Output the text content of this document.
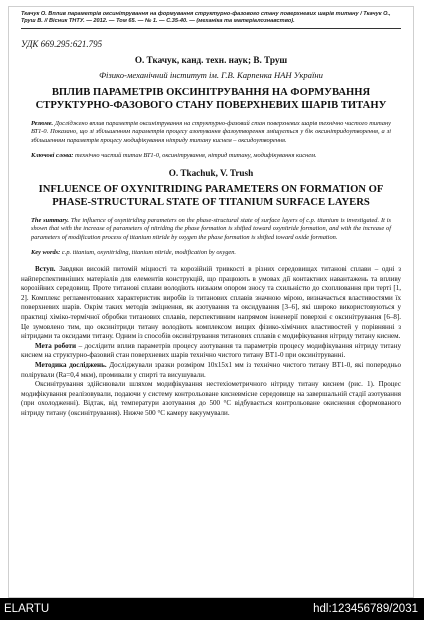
Ткачук О. Вплив параметрів оксинітрування на формування структурно-фазового стану поверхневих шарів титану / Ткачук О., Труш В. // Вісник ТНТУ. — 2012. — Том 65. — № 1. — С.35-40. — (механіка та матеріалознавство).
УДК 669.295:621.795
О. Ткачук, канд. техн. наук; В. Труш
Фізико-механічний інститут ім. Г.В. Карпенка НАН України
ВПЛИВ ПАРАМЕТРІВ ОКСИНІТРУВАННЯ НА ФОРМУВАННЯ СТРУКТУРНО-ФАЗОВОГО СТАНУ ПОВЕРХНЕВИХ ШАРІВ ТИТАНУ

Резюме. Досліджено вплив параметрів оксинітрування на структурно-фазовий стан поверхневих шарів технічно чистого титану ВТ1-0. Показано, що зі збільшенням параметрів процесу азотування фазоутворення зміщується у бік оксинітридоутворення, а зі збільшенням параметрів процесу модифікування нітриду титану киснем – оксидоутворення.

Ключові слова: технічно чистий титан ВТ1-0, оксинітрування, нітрид титану, модифікування киснем.

O. Tkachuk, V. Trush
INFLUENCE OF OXYNITRIDING PARAMETERS ON FORMATION OF PHASE-STRUCTURAL STATE OF TITANIUM SURFACE LAYERS

The summary. The influence of oxynitriding parameters on the phase-structural state of surface layers of c.p. titanium is investigated. It is shown that with the increase of parameters of nitriding the phase formation is shifted toward oxynitride formation, and with the increase of parameters of modification process of titanium nitride by oxygen the phase formation is shifted toward oxide formation.

Key words: c.p. titanium, oxynitriding, titanium nitride, modification by oxygen.

Вступ. Завдяки високій питомій міцності та корозійній тривкості в різних середовищах титанові сплави – одні з найперспективніших матеріалів для елементів конструкцій, що працюють в умовах дії контактних навантажень та впливу корозійних середовищ. Проте титанові сплави володіють низьким опором зносу та схильністю до схоплювання при терті [1, 2]. Комплекс регламентованих характеристик виробів із титанових сплавів значною мірою, визначається властивостями їх поверхневих шарів. Окрім таких методів зміцнення, як азотування та оксидування [3–6], які широко використовуються у практиці хіміко-термічної обробки титанових сплавів, перспективним напрямом інженерії поверхні є оксинітрування [6–8]. Це зумовлено тим, що оксинітриди титану володіють комплексом вищих фізико-хімічних властивостей у порівнянні з нітридами та оксидами титану. Одним із способів оксинітрування титанових сплавів є модифікування нітриду титану киснем.

Мета роботи – дослідити вплив параметрів процесу азотування та параметрів процесу модифікування нітриду титану киснем на структурно-фазовий стан поверхневих шарів технічно чистого титану ВТ1-0 при оксинітруванні.

Методика досліджень. Досліджували зразки розміром 10x15x1 мм із технічно чистого титану ВТ1-0, які попередньо полірували (Ra=0,4 мкм), промивали у спирті та висушували.

Оксинітрування здійснювали шляхом модифікування нестехіометричного нітриду титану киснем (рис. 1). Процес модифікування реалізовували, подаючи у систему контрольоване кисневмісне середовище на завершальній стадії азотування (при охолодженні). Відтак, від температури азотування до 500 °С відбувається контрольоване окиснення сформованого нітриду титану (оксинітрування). Нижче 500 °С камеру вакуумували.

ELARTU	hdl:123456789/2031
